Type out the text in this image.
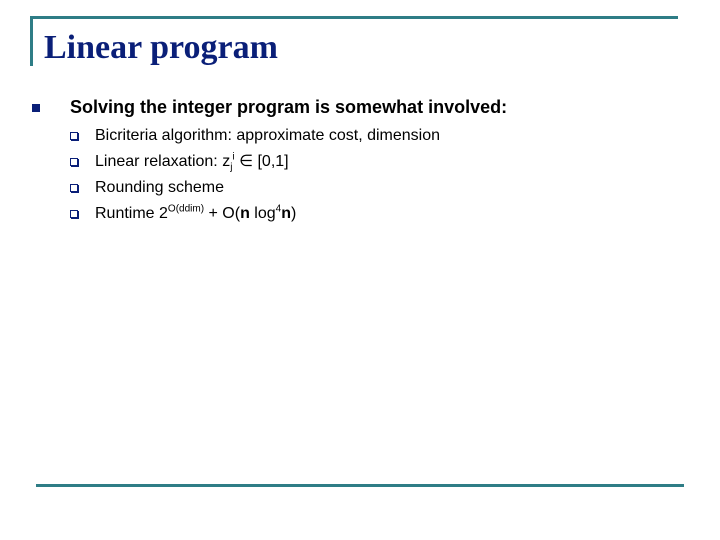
Linear program
Solving the integer program is somewhat involved:
Bicriteria algorithm: approximate cost, dimension
Linear relaxation: $z_j^i$ ∈ [0,1]
Rounding scheme
Runtime $2^{O(ddim)} + O(n$ $\log^4n$)
